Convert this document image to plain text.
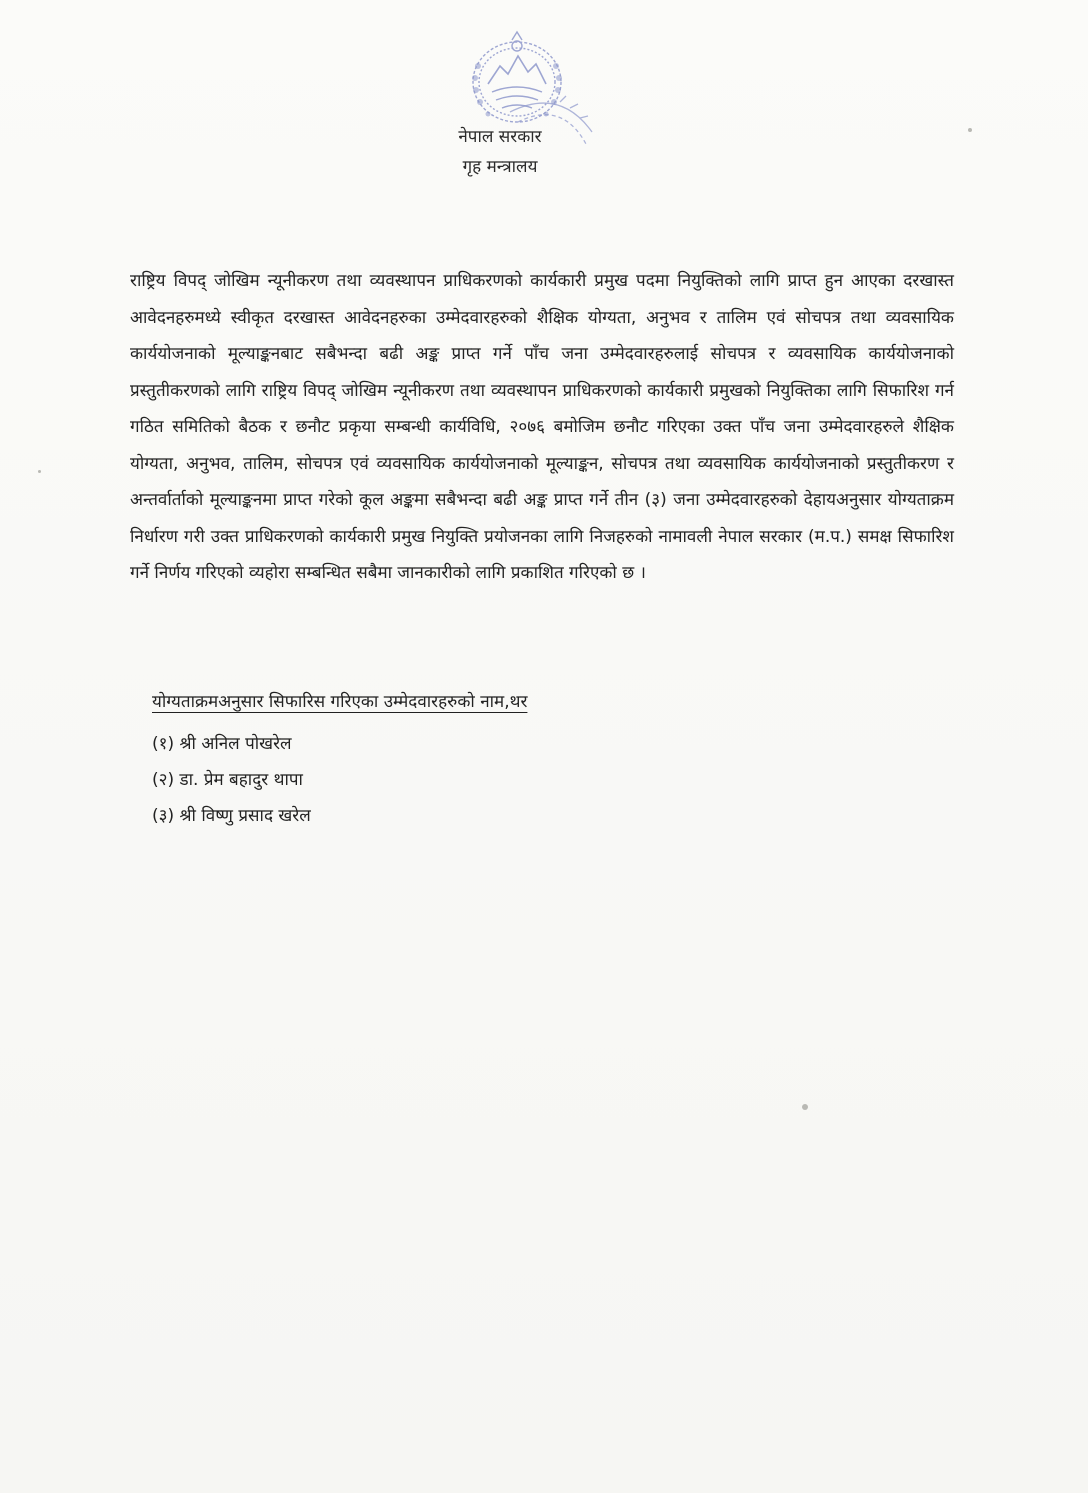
नेपाल सरकार
गृह मन्त्रालय

राष्ट्रिय विपद् जोखिम न्यूनीकरण तथा व्यवस्थापन प्राधिकरणको कार्यकारी प्रमुख पदमा नियुक्तिको लागि प्राप्त हुन आएका दरखास्त आवेदनहरुमध्ये स्वीकृत दरखास्त आवेदनहरुका उम्मेदवारहरुको शैक्षिक योग्यता, अनुभव र तालिम एवं सोचपत्र तथा व्यवसायिक कार्ययोजनाको मूल्याङ्कनबाट सबैभन्दा बढी अङ्क प्राप्त गर्ने पाँच जना उम्मेदवारहरुलाई सोचपत्र र व्यवसायिक कार्ययोजनाको प्रस्तुतीकरणको लागि राष्ट्रिय विपद् जोखिम न्यूनीकरण तथा व्यवस्थापन प्राधिकरणको कार्यकारी प्रमुखको नियुक्तिका लागि सिफारिश गर्न गठित समितिको बैठक र छनौट प्रकृया सम्बन्धी कार्यविधि, २०७६ बमोजिम छनौट गरिएका उक्त पाँच जना उम्मेदवारहरुले शैक्षिक योग्यता, अनुभव, तालिम, सोचपत्र एवं व्यवसायिक कार्ययोजनाको मूल्याङ्कन, सोचपत्र तथा व्यवसायिक कार्ययोजनाको प्रस्तुतीकरण र अन्तर्वार्ताको मूल्याङ्कनमा प्राप्त गरेको कूल अङ्कमा सबैभन्दा बढी अङ्क प्राप्त गर्ने तीन (३) जना उम्मेदवारहरुको देहायअनुसार योग्यताक्रम निर्धारण गरी उक्त प्राधिकरणको कार्यकारी प्रमुख नियुक्ति प्रयोजनका लागि निजहरुको नामावली नेपाल सरकार (म.प.) समक्ष सिफारिश गर्ने निर्णय गरिएको व्यहोरा सम्बन्धित सबैमा जानकारीको लागि प्रकाशित गरिएको छ ।

योग्यताक्रमअनुसार सिफारिस गरिएका उम्मेदवारहरुको नाम,थर
(१) श्री अनिल पोखरेल
(२) डा. प्रेम बहादुर थापा
(३) श्री विष्णु प्रसाद खरेल
